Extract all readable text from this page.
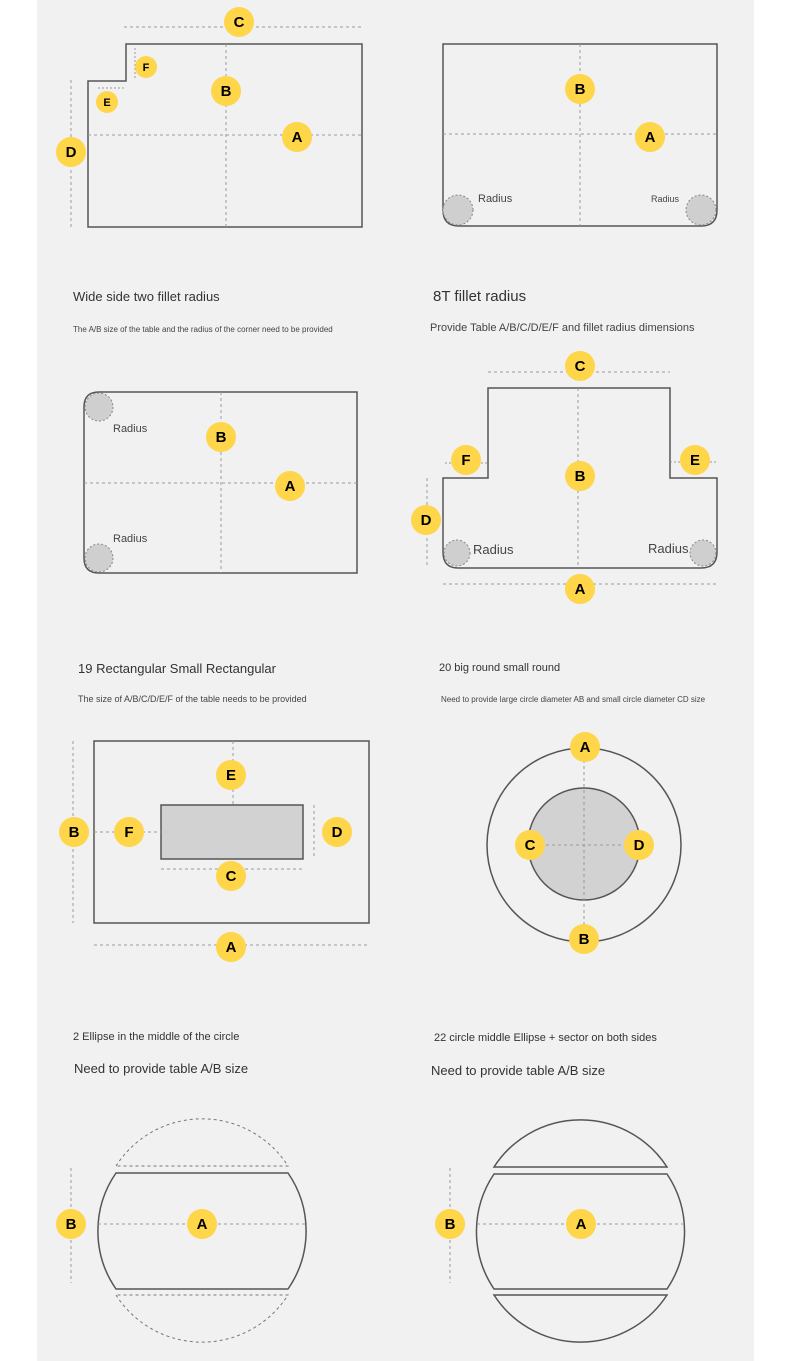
C
F
E
B
A
D
Radius	Radius
B
A
Radius
Radius
B
A
Radius	Radius
C
F	E
B
D
A
E
B	F	D
C
A
A
C	D
B
B	A	B	A
Wide side two fillet radius
The A/B size of the table and the radius of the corner need to be provided
8T fillet radius
Provide Table A/B/C/D/E/F and fillet radius dimensions
19 Rectangular Small Rectangular
The size of A/B/C/D/E/F of the table needs to be provided
20 big round small round
Need to provide large circle diameter AB and small circle diameter CD size
2 Ellipse in the middle of the circle
Need to provide table A/B size
22 circle middle Ellipse + sector on both sides
Need to provide table A/B size
